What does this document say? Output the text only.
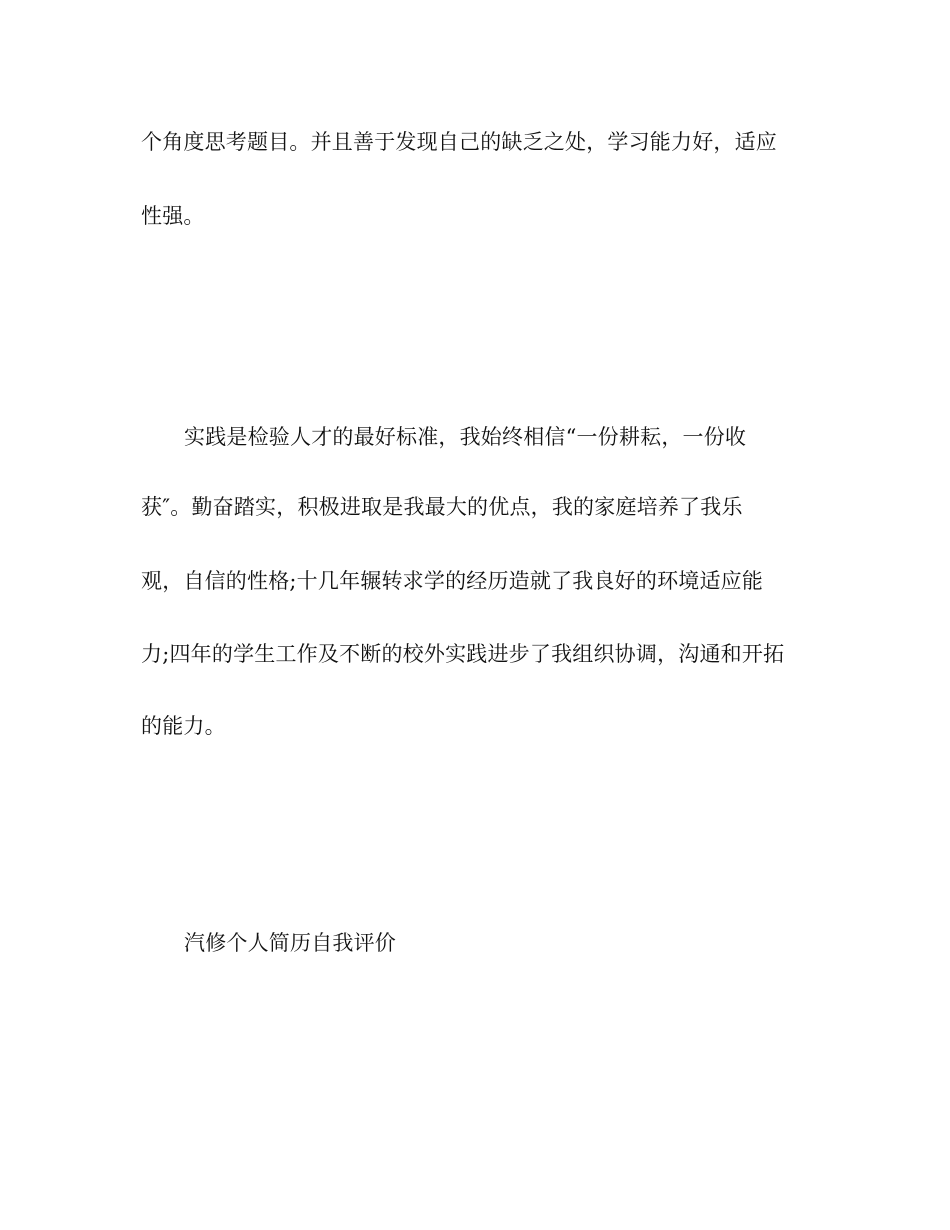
个角度思考题目。并且善于发现自己的缺乏之处，学习能力好，适应
性强。
实践是检验人才的最好标准，我始终相信“一份耕耘，一份收
获″。勤奋踏实，积极进取是我最大的优点，我的家庭培养了我乐
观，自信的性格;十几年辗转求学的经历造就了我良好的环境适应能
力;四年的学生工作及不断的校外实践进步了我组织协调，沟通和开拓
的能力。
汽修个人简历自我评价
